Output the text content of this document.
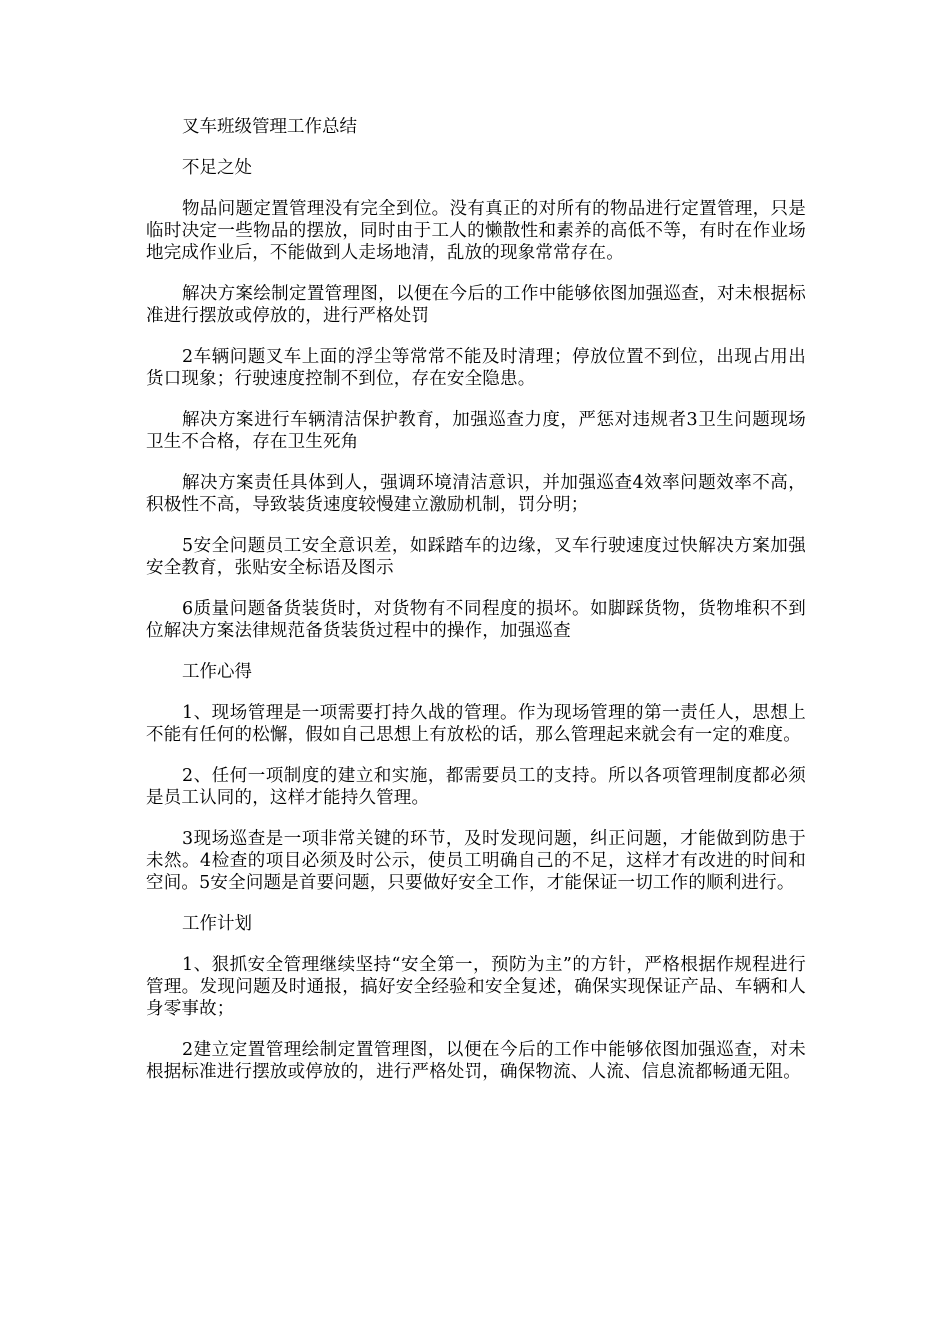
叉车班级管理工作总结

不足之处

物品问题定置管理没有完全到位。没有真正的对所有的物品进行定置管理，只是临时决定一些物品的摆放，同时由于工人的懒散性和素养的高低不等，有时在作业场地完成作业后，不能做到人走场地清，乱放的现象常常存在。

解决方案绘制定置管理图，以便在今后的工作中能够依图加强巡查，对未根据标准进行摆放或停放的，进行严格处罚

2车辆问题叉车上面的浮尘等常常不能及时清理；停放位置不到位，出现占用出货口现象；行驶速度控制不到位，存在安全隐患。

解决方案进行车辆清洁保护教育，加强巡查力度，严惩对违规者3卫生问题现场卫生不合格，存在卫生死角

解决方案责任具体到人，强调环境清洁意识，并加强巡查4效率问题效率不高，积极性不高，导致装货速度较慢建立激励机制，罚分明；

5安全问题员工安全意识差，如踩踏车的边缘，叉车行驶速度过快解决方案加强安全教育，张贴安全标语及图示

6质量问题备货装货时，对货物有不同程度的损坏。如脚踩货物，货物堆积不到位解决方案法律规范备货装货过程中的操作，加强巡查

工作心得

1、现场管理是一项需要打持久战的管理。作为现场管理的第一责任人，思想上不能有任何的松懈，假如自己思想上有放松的话，那么管理起来就会有一定的难度。

2、任何一项制度的建立和实施，都需要员工的支持。所以各项管理制度都必须是员工认同的，这样才能持久管理。

3现场巡查是一项非常关键的环节，及时发现问题，纠正问题，才能做到防患于未然。4检查的项目必须及时公示，使员工明确自己的不足，这样才有改进的时间和空间。5安全问题是首要问题，只要做好安全工作，才能保证一切工作的顺利进行。

工作计划

1、狠抓安全管理继续坚持“安全第一，预防为主”的方针，严格根据作规程进行管理。发现问题及时通报，搞好安全经验和安全复述，确保实现保证产品、车辆和人身零事故；

2建立定置管理绘制定置管理图，以便在今后的工作中能够依图加强巡查，对未根据标准进行摆放或停放的，进行严格处罚，确保物流、人流、信息流都畅通无阻。
